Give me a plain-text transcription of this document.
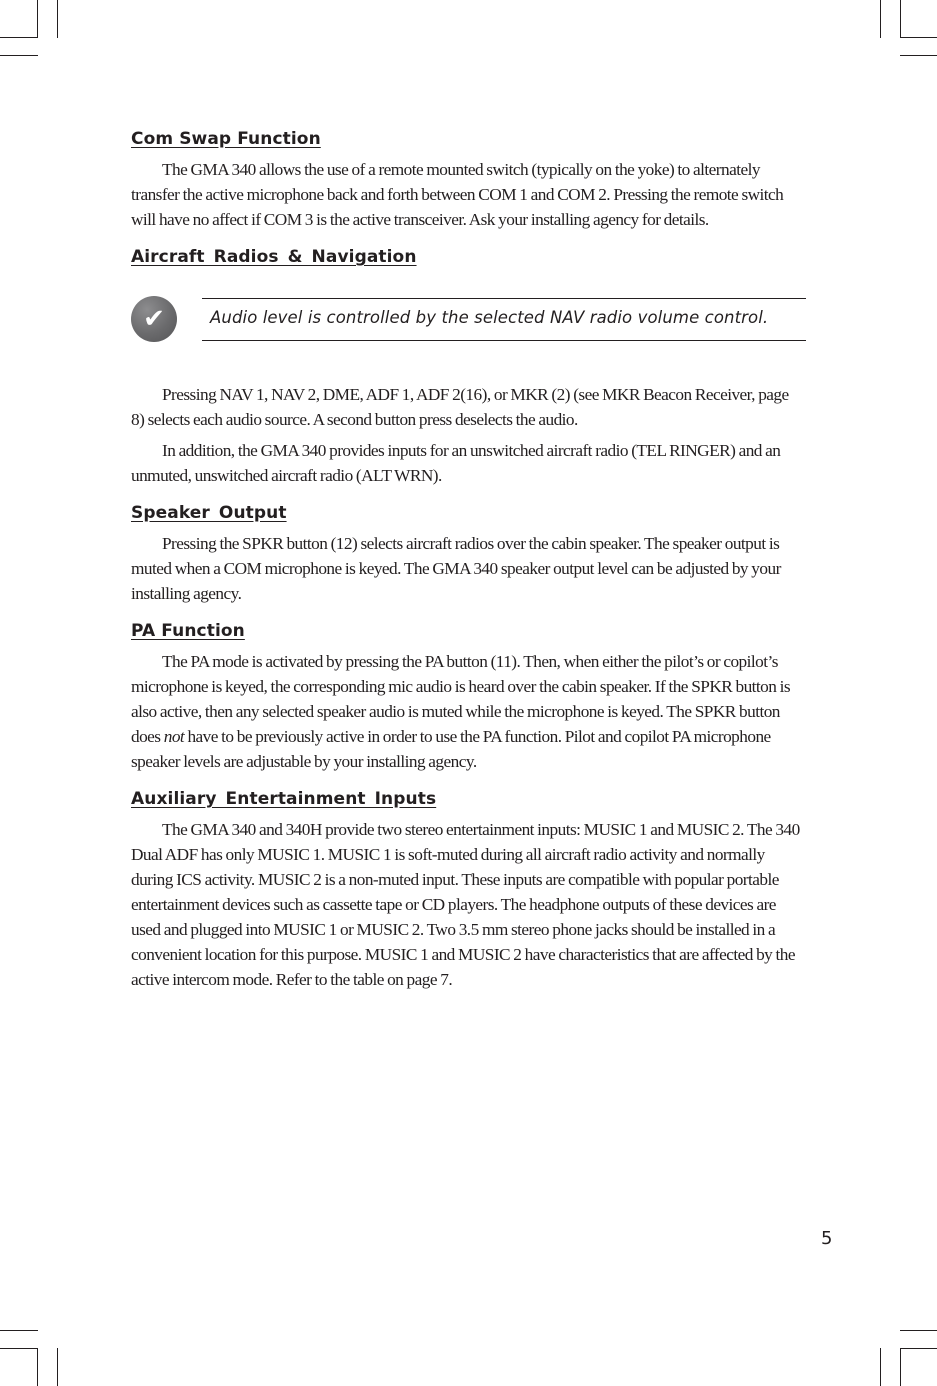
Com Swap Function

The GMA 340 allows the use of a remote mounted switch (typically on the yoke) to alternately transfer the active microphone back and forth between COM 1 and COM 2. Pressing the remote switch will have no affect if COM 3 is the active transceiver. Ask your installing agency for details.

Aircraft Radios & Navigation
✔	Audio level is controlled by the selected NAV radio volume control.

Pressing NAV 1, NAV 2, DME, ADF 1, ADF 2(16), or MKR (2) (see MKR Beacon Receiver, page 8) selects each audio source. A second button press deselects the audio.

In addition, the GMA 340 provides inputs for an unswitched aircraft radio (TEL RINGER) and an unmuted, unswitched aircraft radio (ALT WRN).

Speaker Output

Pressing the SPKR button (12) selects aircraft radios over the cabin speaker. The speaker output is muted when a COM microphone is keyed. The GMA 340 speaker output level can be adjusted by your installing agency.

PA Function

The PA mode is activated by pressing the PA button (11). Then, when either the pilot’s or copilot’s microphone is keyed, the corresponding mic audio is heard over the cabin speaker. If the SPKR button is also active, then any selected speaker audio is muted while the microphone is keyed. The SPKR button does not have to be previously active in order to use the PA function. Pilot and copilot PA microphone speaker levels are adjustable by your installing agency.

Auxiliary Entertainment Inputs

The GMA 340 and 340H provide two stereo entertainment inputs: MUSIC 1 and MUSIC 2. The 340 Dual ADF has only MUSIC 1. MUSIC 1 is soft-muted during all aircraft radio activity and normally during ICS activity. MUSIC 2 is a non-muted input. These inputs are compatible with popular portable entertainment devices such as cassette tape or CD players. The headphone outputs of these devices are used and plugged into MUSIC 1 or MUSIC 2. Two 3.5 mm stereo phone jacks should be installed in a convenient location for this purpose. MUSIC 1 and MUSIC 2 have characteristics that are affected by the active intercom mode. Refer to the table on page 7.

5
